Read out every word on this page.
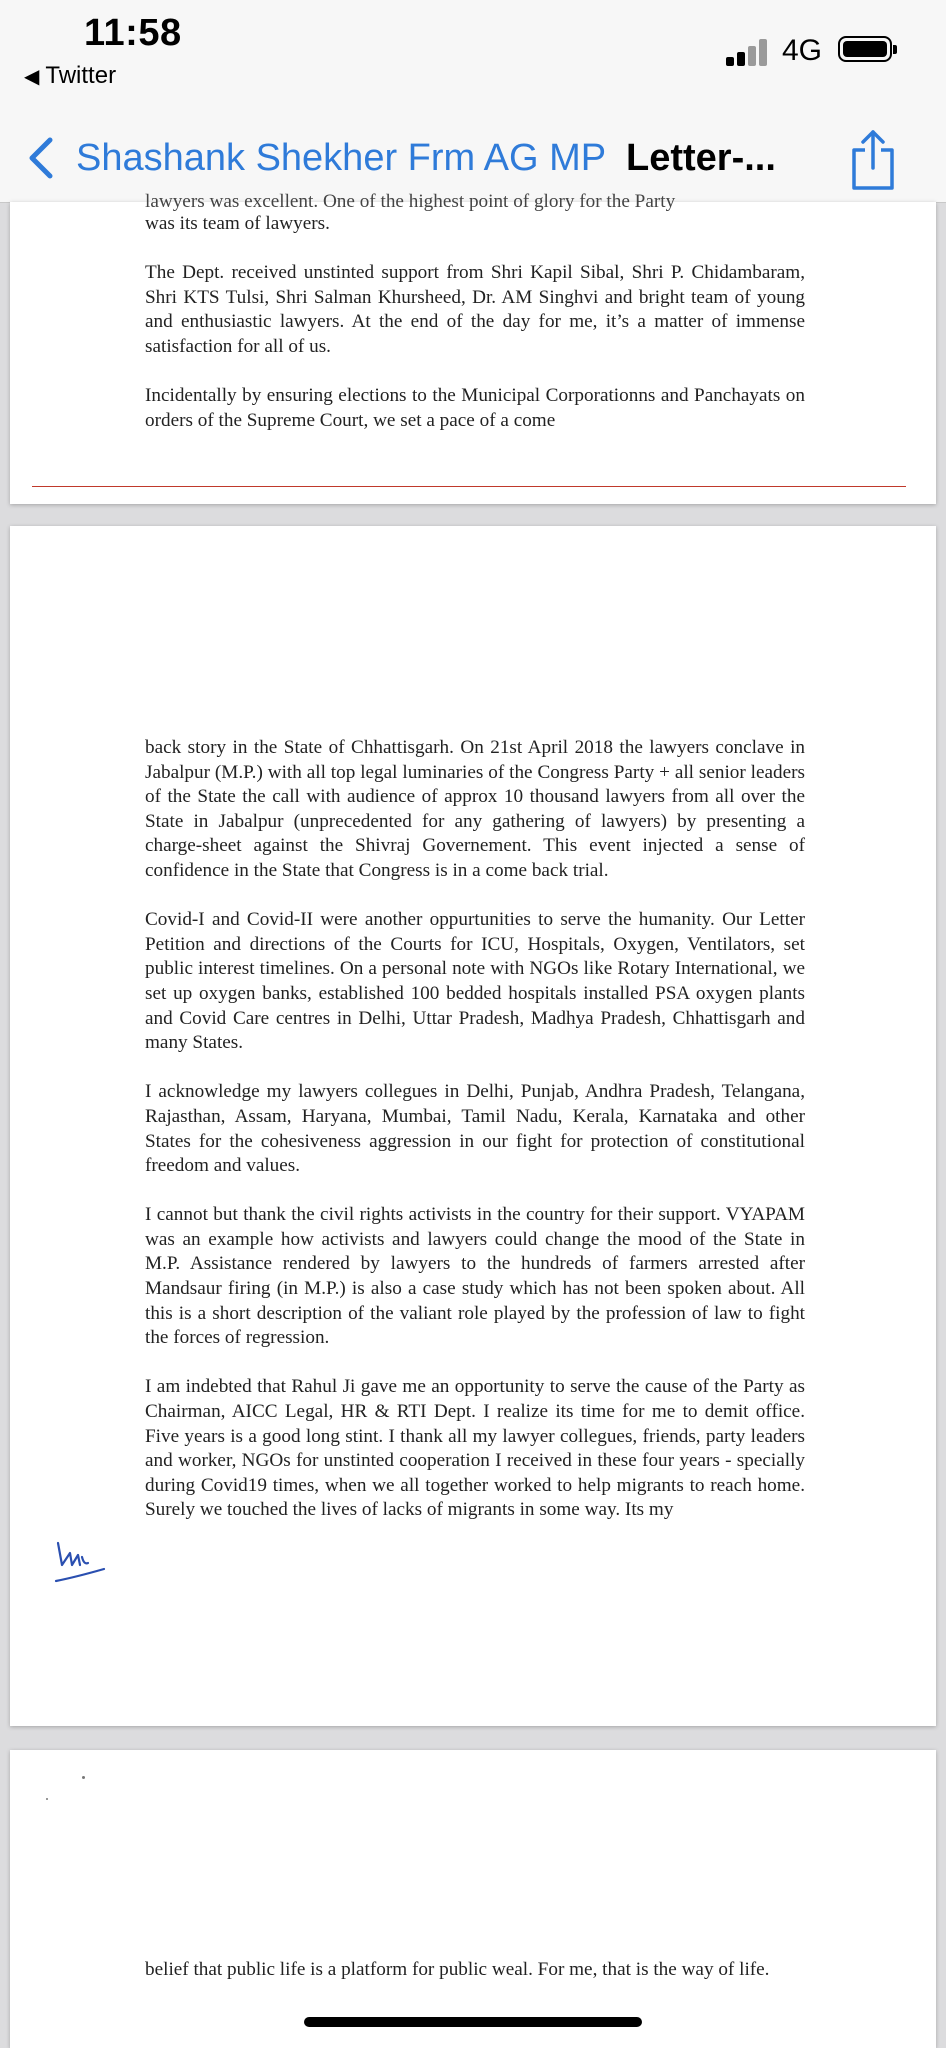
11:58
◀ Twitter
4G
Shashank Shekher Frm AG MP Letter-...
lawyers was excellent. One of the highest point of glory for the Party

was its team of lawyers.

The Dept. received unstinted support from Shri Kapil Sibal, Shri P. Chidambaram, Shri KTS Tulsi, Shri Salman Khursheed, Dr. AM Singhvi and bright team of young and enthusiastic lawyers. At the end of the day for me, it’s a matter of immense satisfaction for all of us.

Incidentally by ensuring elections to the Municipal Corporationns and Panchayats on orders of the Supreme Court, we set a pace of a come

back story in the State of Chhattisgarh. On 21st April 2018 the lawyers conclave in Jabalpur (M.P.) with all top legal luminaries of the Congress Party + all senior leaders of the State the call with audience of approx 10 thousand lawyers from all over the State in Jabalpur (unprecedented for any gathering of lawyers) by presenting a charge-sheet against the Shivraj Governement. This event injected a sense of confidence in the State that Congress is in a come back trial.

Covid-I and Covid-II were another oppurtunities to serve the humanity. Our Letter Petition and directions of the Courts for ICU, Hospitals, Oxygen, Ventilators, set public interest timelines. On a personal note with NGOs like Rotary International, we set up oxygen banks, established 100 bedded hospitals installed PSA oxygen plants and Covid Care centres in Delhi, Uttar Pradesh, Madhya Pradesh, Chhattisgarh and many States.

I acknowledge my lawyers collegues in Delhi, Punjab, Andhra Pradesh, Telangana, Rajasthan, Assam, Haryana, Mumbai, Tamil Nadu, Kerala, Karnataka and other States for the cohesiveness aggression in our fight for protection of constitutional freedom and values.

I cannot but thank the civil rights activists in the country for their support. VYAPAM was an example how activists and lawyers could change the mood of the State in M.P. Assistance rendered by lawyers to the hundreds of farmers arrested after Mandsaur firing (in M.P.) is also a case study which has not been spoken about. All this is a short description of the valiant role played by the profession of law to fight the forces of regression.

I am indebted that Rahul Ji gave me an opportunity to serve the cause of the Party as Chairman, AICC Legal, HR & RTI Dept. I realize its time for me to demit office. Five years is a good long stint. I thank all my lawyer collegues, friends, party leaders and worker, NGOs for unstinted cooperation I received in these four years - specially during Covid19 times, when we all together worked to help migrants to reach home. Surely we touched the lives of lacks of migrants in some way. Its my

belief that public life is a platform for public weal. For me, that is the way of life.
